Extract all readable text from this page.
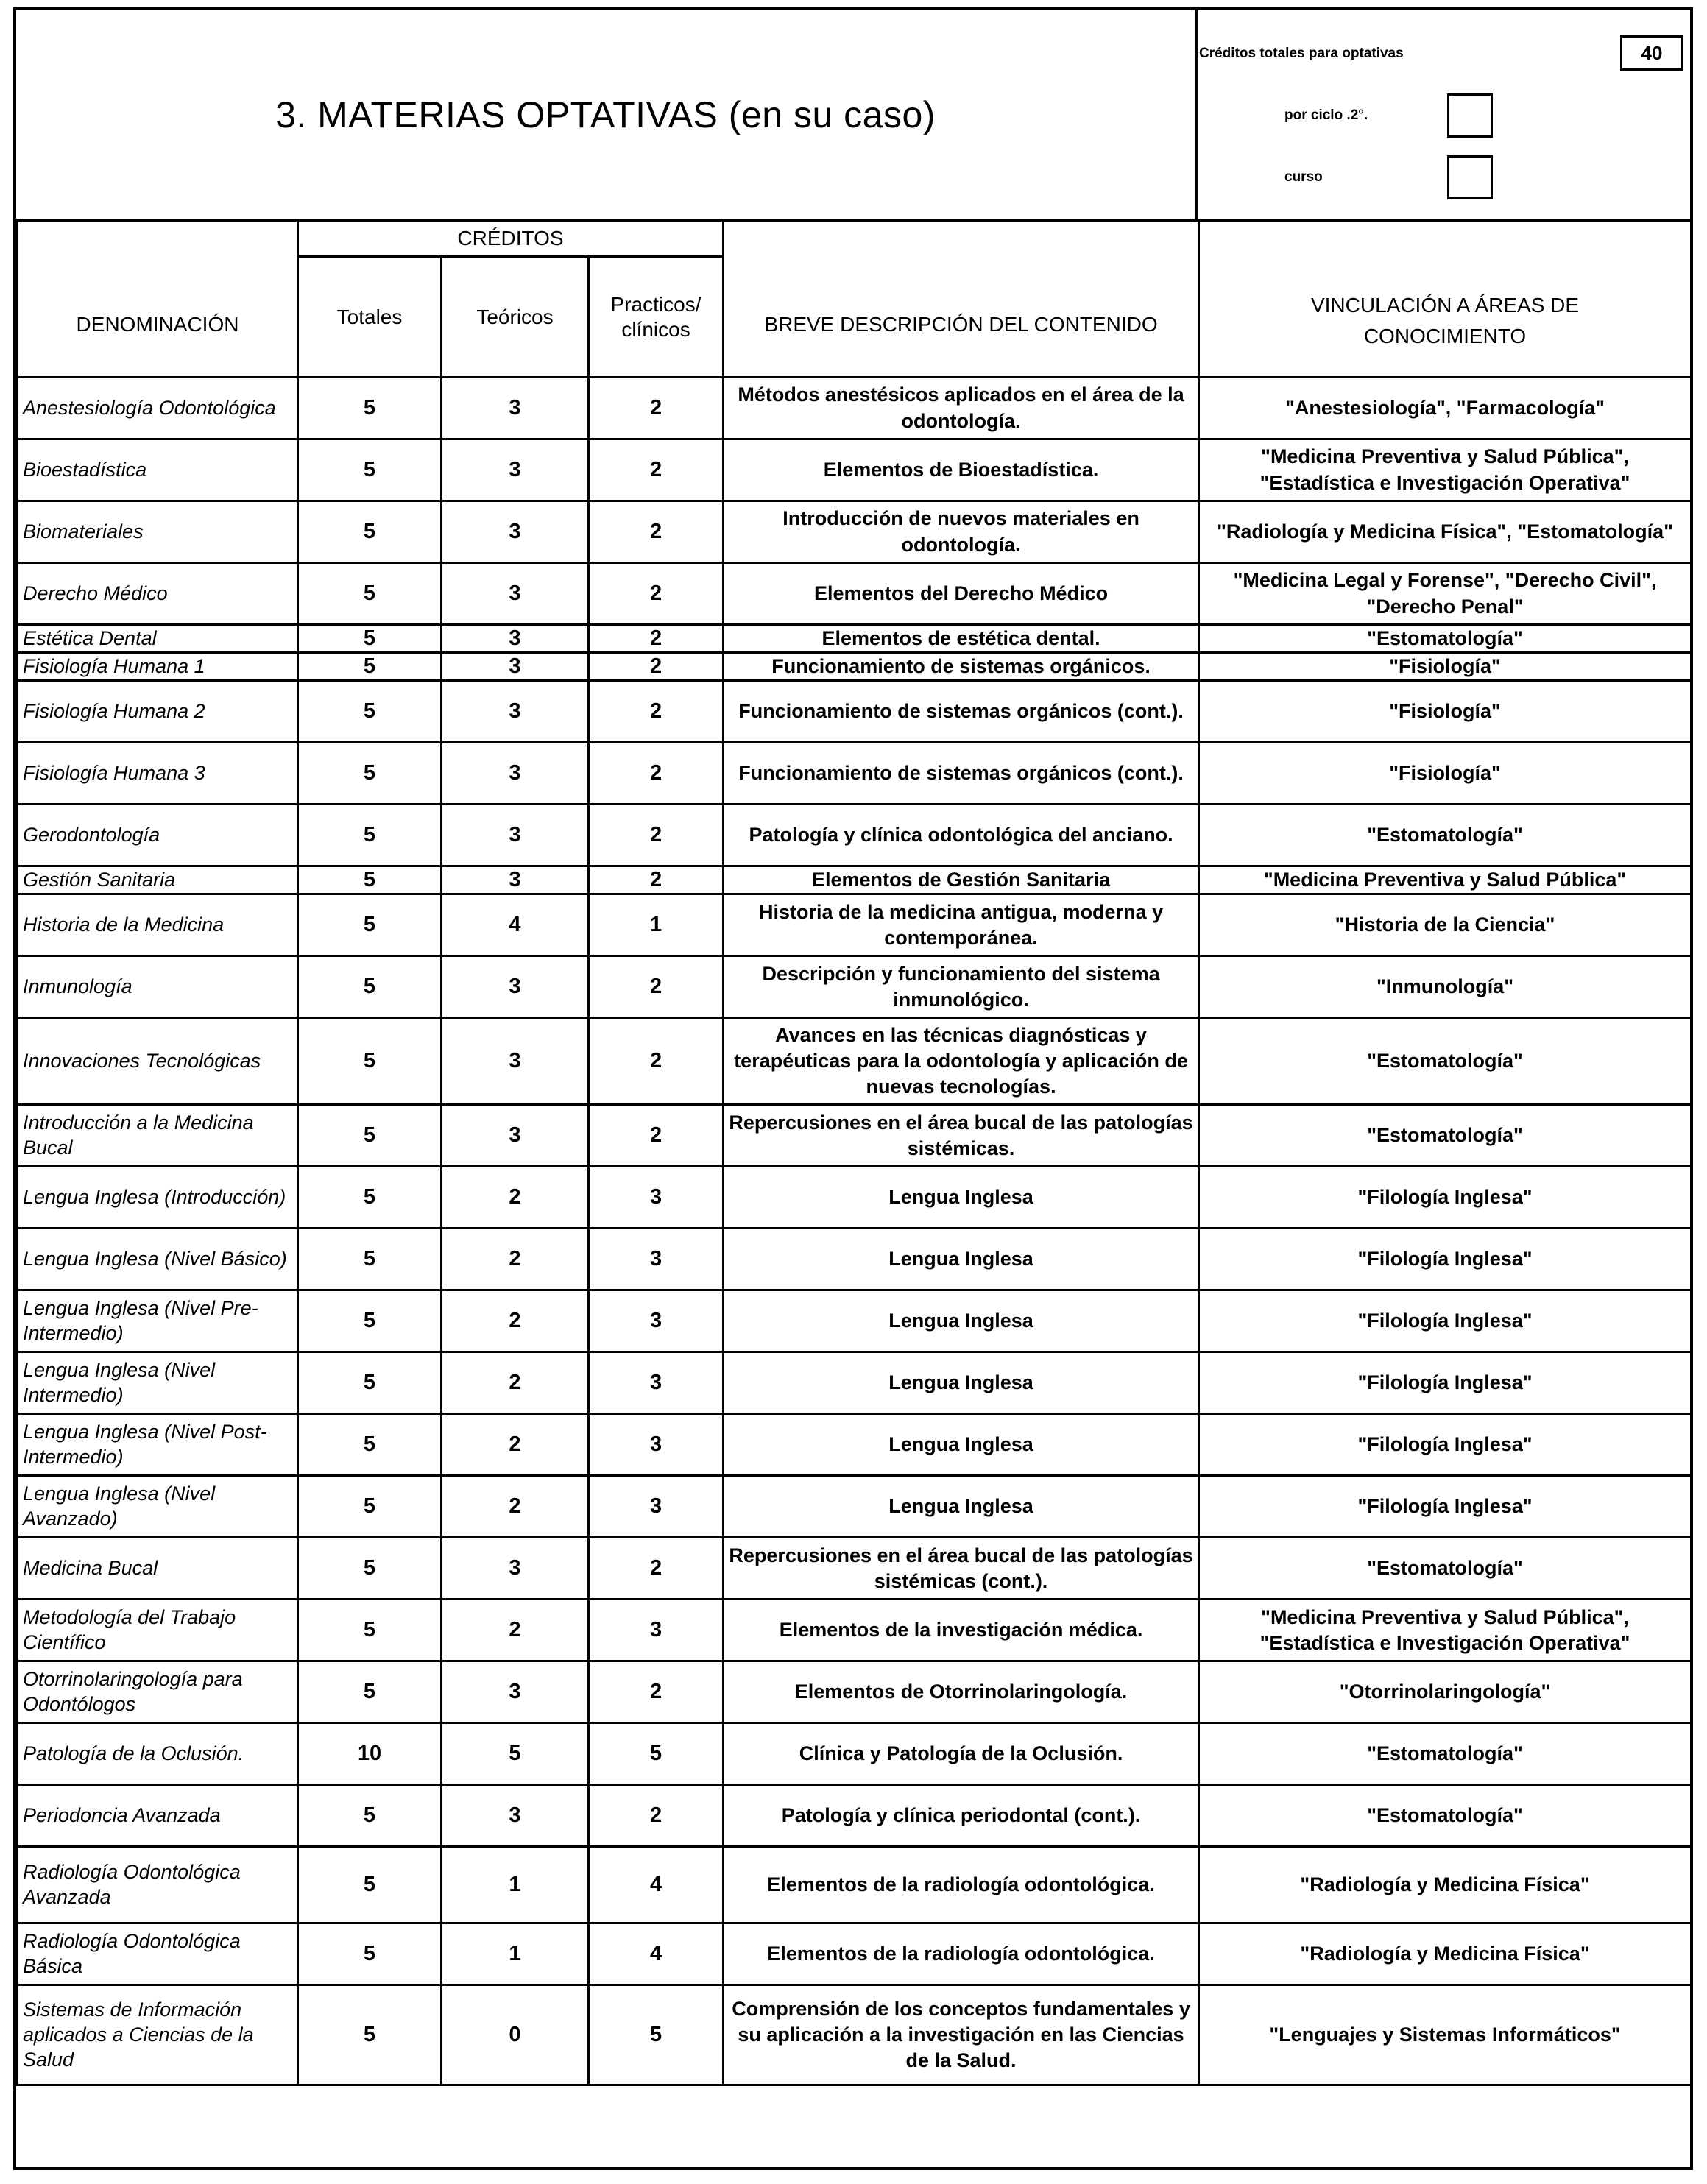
3. MATERIAS OPTATIVAS (en su caso)
Créditos totales para optativas	40
por ciclo .2°.
curso
DENOMINACIÓN	CRÉDITOS			BREVE DESCRIPCIÓN DEL CONTENIDO	VINCULACIÓN A ÁREAS DE CONOCIMIENTO
	Totales	Teóricos	Practicos/ clínicos		
Anestesiología Odontológica	5	3	2	Métodos anestésicos aplicados en el área de la odontología.	"Anestesiología", "Farmacología"
Bioestadística	5	3	2	Elementos de Bioestadística.	"Medicina Preventiva y Salud Pública", "Estadística e Investigación Operativa"
Biomateriales	5	3	2	Introducción de nuevos materiales en odontología.	"Radiología y Medicina Física", "Estomatología"
Derecho Médico	5	3	2	Elementos del Derecho Médico	"Medicina Legal y Forense", "Derecho Civil", "Derecho Penal"
Estética Dental	5	3	2	Elementos de estética dental.	"Estomatología"
Fisiología Humana 1	5	3	2	Funcionamiento de sistemas orgánicos.	"Fisiología"
Fisiología Humana 2	5	3	2	Funcionamiento de sistemas orgánicos (cont.).	"Fisiología"
Fisiología Humana 3	5	3	2	Funcionamiento de sistemas orgánicos (cont.).	"Fisiología"
Gerodontología	5	3	2	Patología y clínica odontológica del anciano.	"Estomatología"
Gestión Sanitaria	5	3	2	Elementos de Gestión Sanitaria	"Medicina Preventiva y Salud Pública"
Historia de la Medicina	5	4	1	Historia de la medicina antigua, moderna y contemporánea.	"Historia de la Ciencia"
Inmunología	5	3	2	Descripción y funcionamiento del sistema inmunológico.	"Inmunología"
Innovaciones Tecnológicas	5	3	2	Avances en las técnicas diagnósticas y terapéuticas para la odontología y aplicación de nuevas tecnologías.	"Estomatología"
Introducción a la Medicina Bucal	5	3	2	Repercusiones en el área bucal de las patologías sistémicas.	"Estomatología"
Lengua Inglesa (Introducción)	5	2	3	Lengua Inglesa	"Filología Inglesa"
Lengua Inglesa (Nivel Básico)	5	2	3	Lengua Inglesa	"Filología Inglesa"
Lengua Inglesa (Nivel Pre-Intermedio)	5	2	3	Lengua Inglesa	"Filología Inglesa"
Lengua Inglesa (Nivel Intermedio)	5	2	3	Lengua Inglesa	"Filología Inglesa"
Lengua Inglesa (Nivel Post-Intermedio)	5	2	3	Lengua Inglesa	"Filología Inglesa"
Lengua Inglesa (Nivel Avanzado)	5	2	3	Lengua Inglesa	"Filología Inglesa"
Medicina Bucal	5	3	2	Repercusiones en el área bucal de las patologías sistémicas (cont.).	"Estomatología"
Metodología del Trabajo Científico	5	2	3	Elementos de la investigación médica.	"Medicina Preventiva y Salud Pública", "Estadística e Investigación Operativa"
Otorrinolaringología para Odontólogos	5	3	2	Elementos de Otorrinolaringología.	"Otorrinolaringología"
Patología de la Oclusión.	10	5	5	Clínica y Patología de la Oclusión.	"Estomatología"
Periodoncia Avanzada	5	3	2	Patología y clínica periodontal (cont.).	"Estomatología"
Radiología Odontológica Avanzada	5	1	4	Elementos de la radiología odontológica.	"Radiología y Medicina Física"
Radiología Odontológica Básica	5	1	4	Elementos de la radiología odontológica.	"Radiología y Medicina Física"
Sistemas de Información aplicados a Ciencias de la Salud	5	0	5	Comprensión de los conceptos fundamentales y su aplicación a la investigación en las Ciencias de la Salud.	"Lenguajes y Sistemas Informáticos"
